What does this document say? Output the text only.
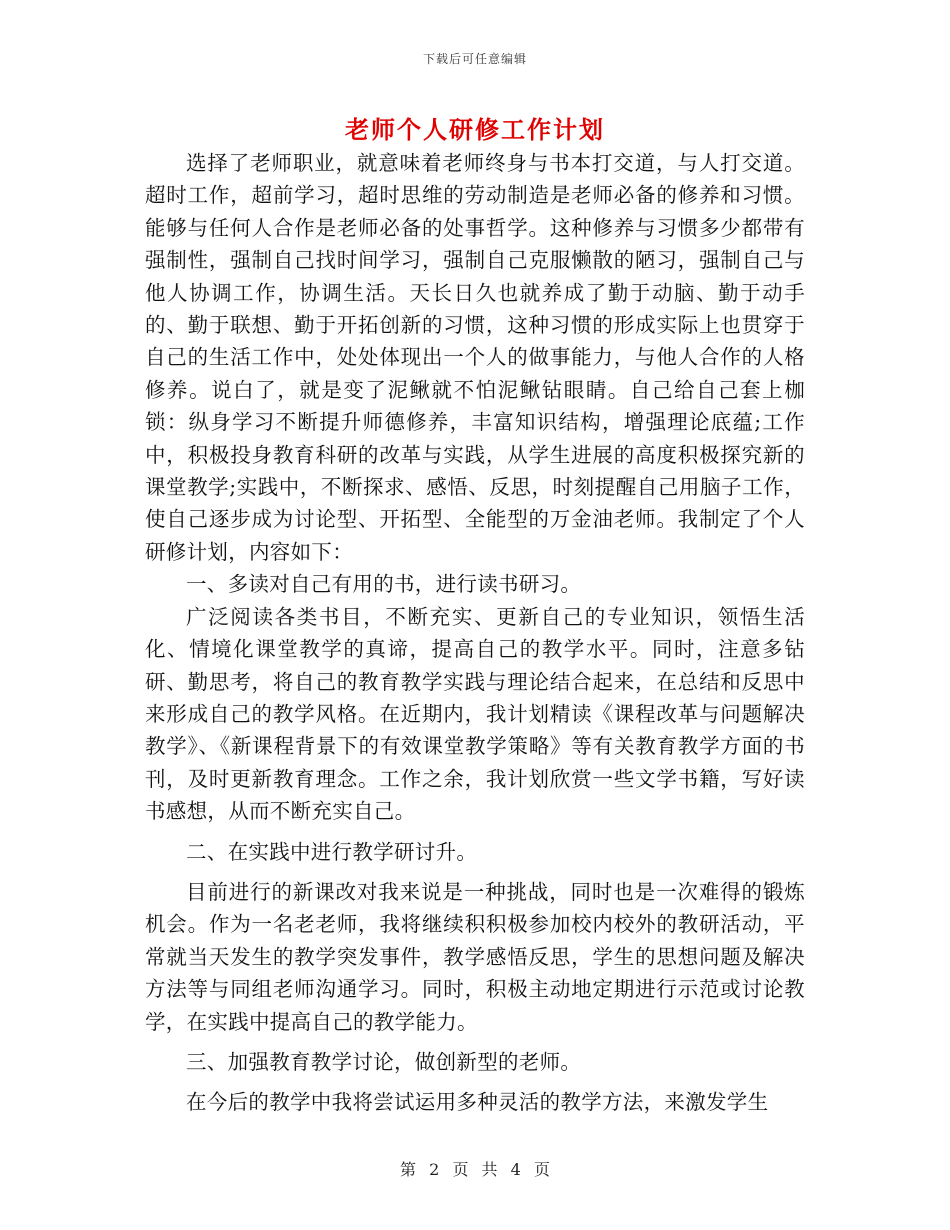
下载后可任意编辑
老师个人研修工作计划

选择了老师职业，就意味着老师终身与书本打交道，与人打交道。超时工作，超前学习，超时思维的劳动制造是老师必备的修养和习惯。能够与任何人合作是老师必备的处事哲学。这种修养与习惯多少都带有强制性，强制自己找时间学习，强制自己克服懒散的陋习，强制自己与他人协调工作，协调生活。天长日久也就养成了勤于动脑、勤于动手的、勤于联想、勤于开拓创新的习惯，这种习惯的形成实际上也贯穿于自己的生活工作中，处处体现出一个人的做事能力，与他人合作的人格修养。说白了，就是变了泥鳅就不怕泥鳅钻眼睛。自己给自己套上枷锁：纵身学习不断提升师德修养，丰富知识结构，增强理论底蕴;工作中，积极投身教育科研的改革与实践，从学生进展的高度积极探究新的课堂教学;实践中，不断探求、感悟、反思，时刻提醒自己用脑子工作，使自己逐步成为讨论型、开拓型、全能型的万金油老师。我制定了个人研修计划，内容如下：

一、多读对自己有用的书，进行读书研习。

广泛阅读各类书目，不断充实、更新自己的专业知识，领悟生活化、情境化课堂教学的真谛，提高自己的教学水平。同时，注意多钻研、勤思考，将自己的教育教学实践与理论结合起来，在总结和反思中来形成自己的教学风格。在近期内，我计划精读《课程改革与问题解决教学》、《新课程背景下的有效课堂教学策略》等有关教育教学方面的书刊，及时更新教育理念。工作之余，我计划欣赏一些文学书籍，写好读书感想，从而不断充实自己。

二、在实践中进行教学研讨升。

目前进行的新课改对我来说是一种挑战，同时也是一次难得的锻炼机会。作为一名老老师，我将继续积积极参加校内校外的教研活动，平常就当天发生的教学突发事件，教学感悟反思，学生的思想问题及解决方法等与同组老师沟通学习。同时，积极主动地定期进行示范或讨论教学，在实践中提高自己的教学能力。

三、加强教育教学讨论，做创新型的老师。

在今后的教学中我将尝试运用多种灵活的教学方法，来激发学生

第 2 页 共 4 页
